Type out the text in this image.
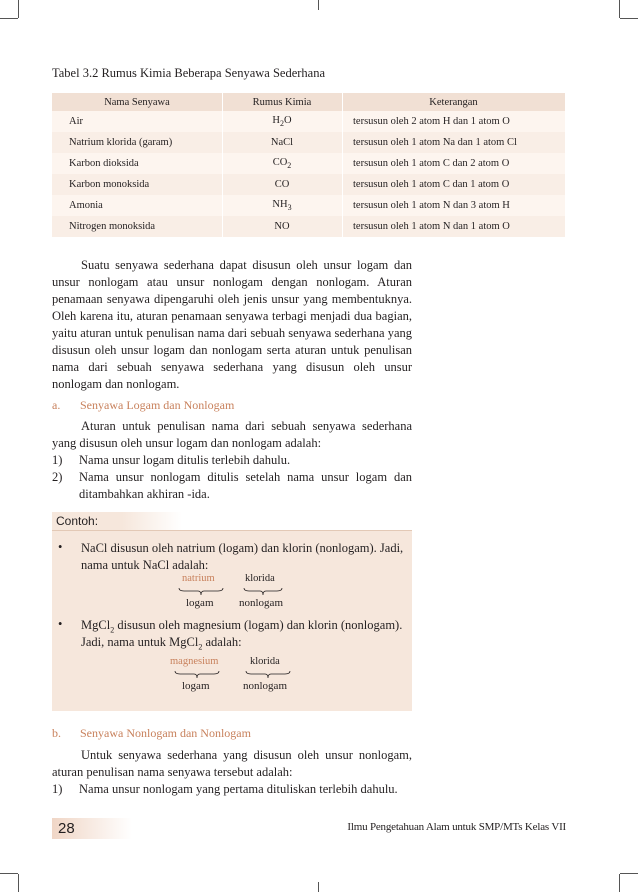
Tabel 3.2 Rumus Kimia Beberapa Senyawa Sederhana
Nama Senyawa	Rumus Kimia	Keterangan
Air	$H_2O$	tersusun oleh 2 atom H dan 1 atom O
Natrium klorida (garam)	NaCl	tersusun oleh 1 atom Na dan 1 atom Cl
Karbon dioksida	$CO_2$	tersusun oleh 1 atom C dan 2 atom O
Karbon monoksida	CO	tersusun oleh 1 atom C dan 1 atom O
Amonia	$NH_3$	tersusun oleh 1 atom N dan 3 atom H
Nitrogen monoksida	NO	tersusun oleh 1 atom N dan 1 atom O

Suatu senyawa sederhana dapat disusun oleh unsur logam dan unsur nonlogam atau unsur nonlogam dengan nonlogam. Aturan penamaan senyawa dipengaruhi oleh jenis unsur yang membentuknya. Oleh karena itu, aturan penamaan senyawa terbagi menjadi dua bagian, yaitu aturan untuk penulisan nama dari sebuah senyawa sederhana yang disusun oleh unsur logam dan nonlogam serta aturan untuk penulisan nama dari sebuah senyawa sederhana yang disusun oleh unsur nonlogam dan nonlogam.

a. Senyawa Logam dan Nonlogam

Aturan untuk penulisan nama dari sebuah senyawa sederhana yang disusun oleh unsur logam dan nonlogam adalah:

1) Nama unsur logam ditulis terlebih dahulu.
2) Nama unsur nonlogam ditulis setelah nama unsur logam dan ditambahkan akhiran -ida.
Contoh:
• NaCl disusun oleh natrium (logam) dan klorin (nonlogam). Jadi,
nama untuk NaCl adalah:
natrium	klorida
logam nonlogam
• MgCl$_2$ disusun oleh magnesium (logam) dan klorin (nonlogam).
Jadi, nama untuk MgCl$_2$ adalah:
magnesium	klorida
logam	nonlogam
b. Senyawa Nonlogam dan Nonlogam

Untuk senyawa sederhana yang disusun oleh unsur nonlogam, aturan penulisan nama senyawa tersebut adalah:

1) Nama unsur nonlogam yang pertama dituliskan terlebih dahulu.
28	Ilmu Pengetahuan Alam untuk SMP/MTs Kelas VII
